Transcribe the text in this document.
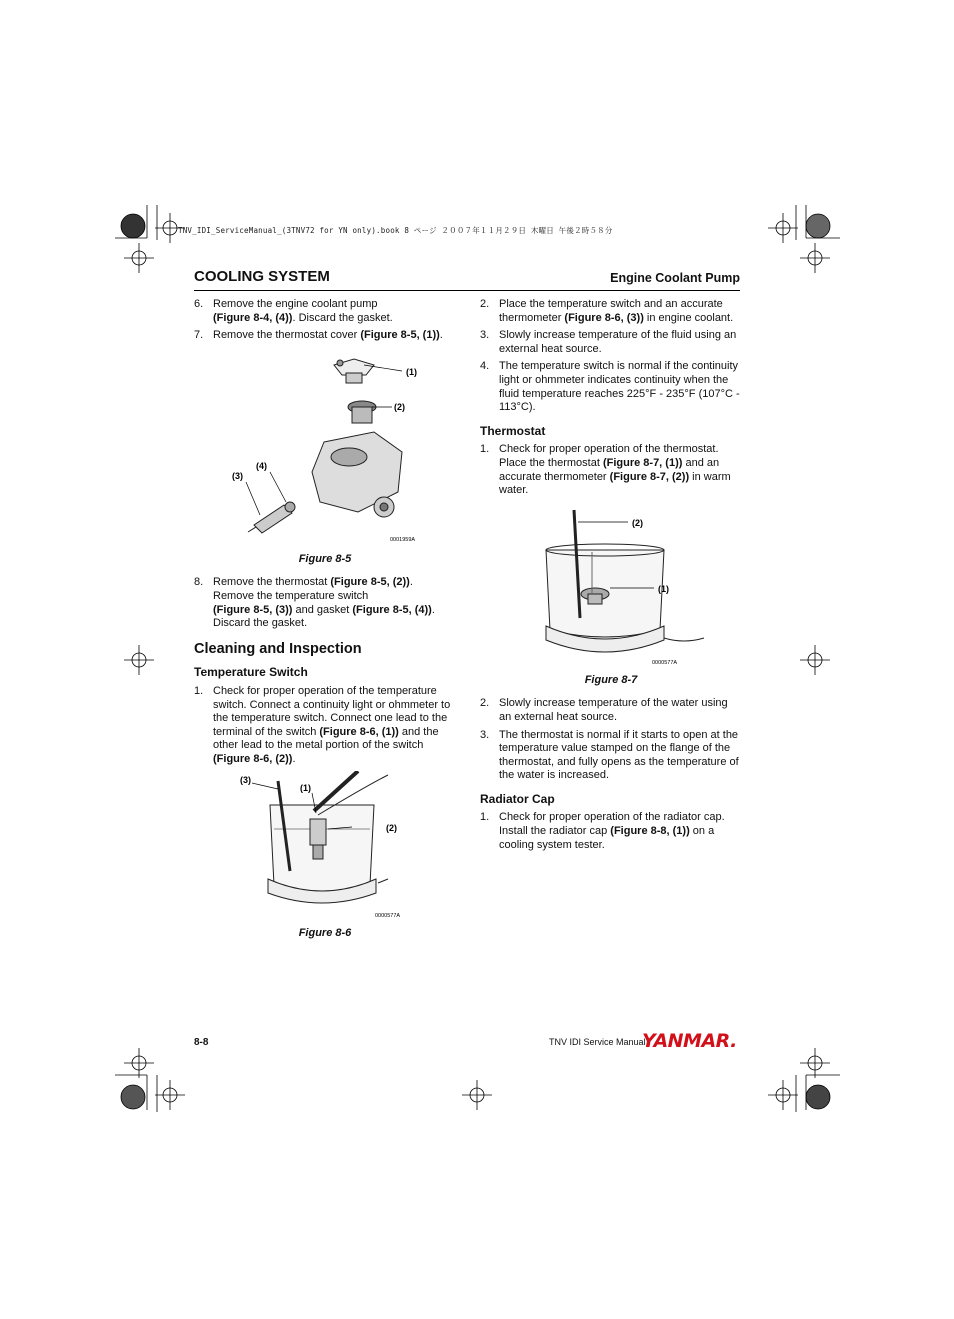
TNV_IDI_ServiceManual_(3TNV72 for YN only).book 8 ページ ２００７年１１月２９日 木曜日 午後２時５８分
COOLING SYSTEM	Engine Coolant Pump
6. Remove the engine coolant pump
(Figure 8-4, (4)). Discard the gasket.
7. Remove the thermostat cover (Figure 8-5, (1)).
(1)
(2)
(3)
(4)
0001959A
Figure 8-5
8. Remove the thermostat (Figure 8-5, (2)). Remove the temperature switch
(Figure 8-5, (3)) and gasket (Figure 8-5, (4)). Discard the gasket.
Cleaning and Inspection
Temperature Switch
1. Check for proper operation of the temperature switch. Connect a continuity light or ohmmeter to the temperature switch. Connect one lead to the terminal of the switch (Figure 8-6, (1)) and the other lead to the metal portion of the switch (Figure 8-6, (2)).
(3)
(1)
(2)
0000577A
Figure 8-6
2. Place the temperature switch and an accurate thermometer (Figure 8-6, (3)) in engine coolant.
3. Slowly increase temperature of the fluid using an external heat source.
4. The temperature switch is normal if the continuity light or ohmmeter indicates continuity when the fluid temperature reaches 225°F - 235°F (107°C - 113°C).
Thermostat
1. Check for proper operation of the thermostat. Place the thermostat (Figure 8-7, (1)) and an accurate thermometer (Figure 8-7, (2)) in warm water.
(2)
(1)
0000577A
Figure 8-7
2. Slowly increase temperature of the water using an external heat source.
3. The thermostat is normal if it starts to open at the temperature value stamped on the flange of the thermostat, and fully opens as the temperature of the water is increased.
Radiator Cap
1. Check for proper operation of the radiator cap. Install the radiator cap (Figure 8-8, (1)) on a cooling system tester.
8-8	TNV IDI Service Manual
YANMAR.
